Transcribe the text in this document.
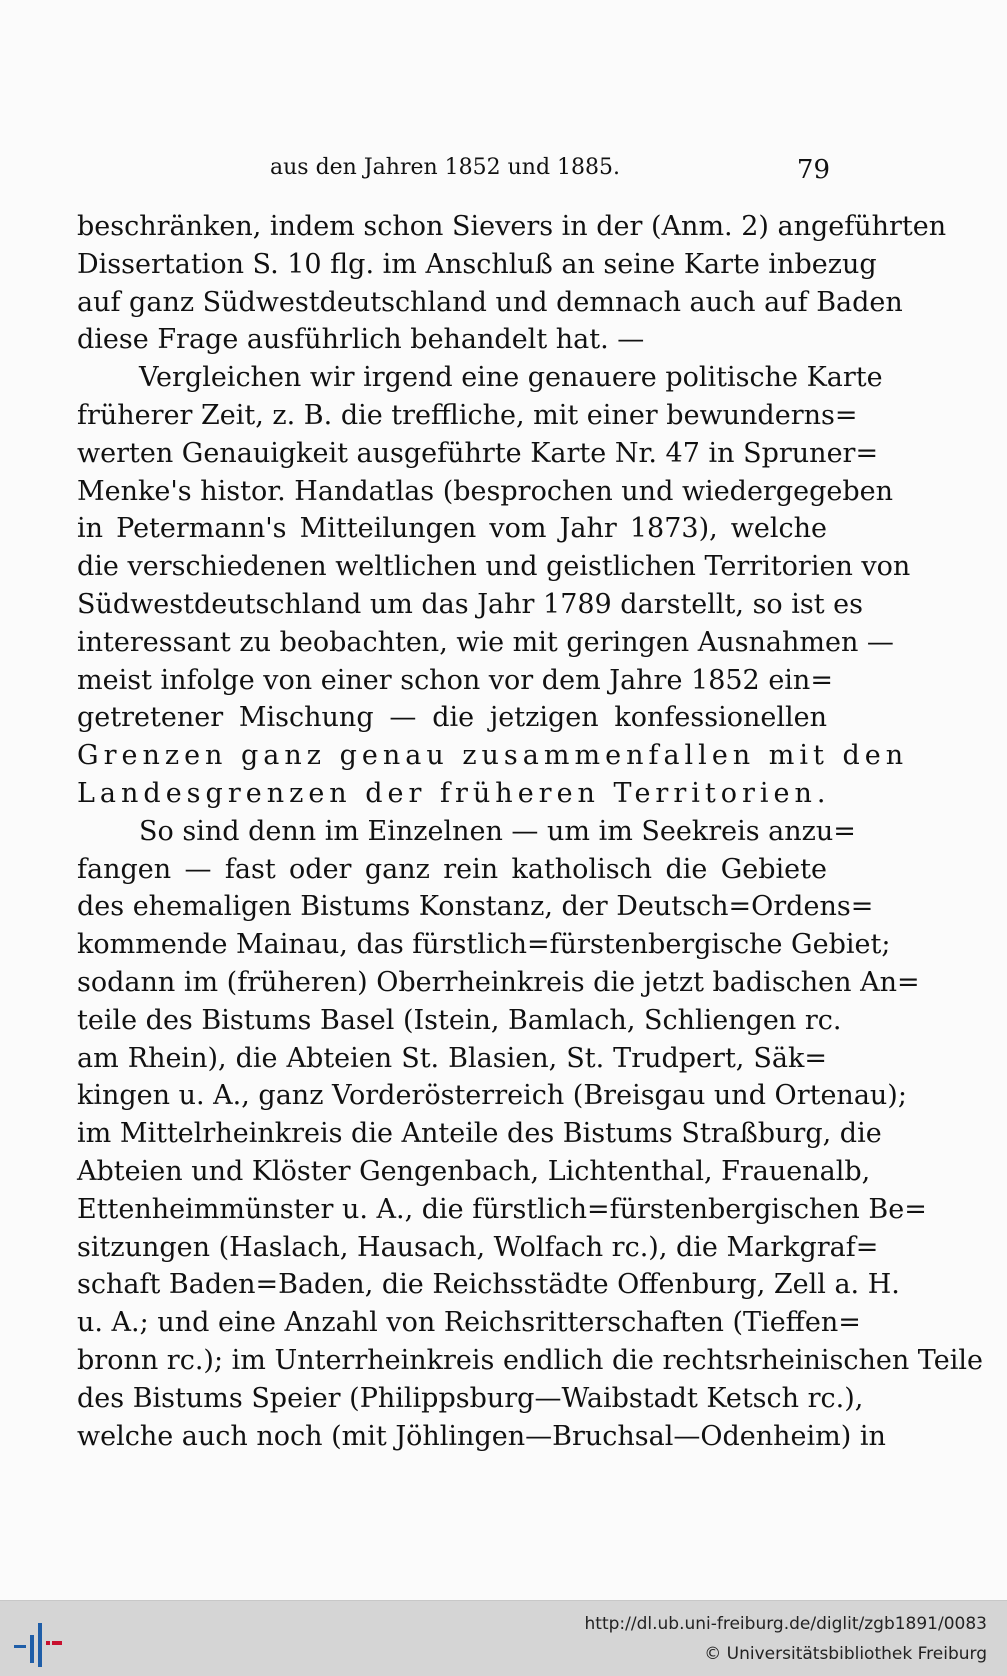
aus den Jahren 1852 und 1885.	79
beschränken, indem schon Sievers in der (Anm. 2) angeführten
Dissertation S. 10 flg. im Anschluß an seine Karte inbezug
auf ganz Südwestdeutschland und demnach auch auf Baden
diese Frage ausführlich behandelt hat. —
Vergleichen wir irgend eine genauere politische Karte
früherer Zeit, z. B. die treffliche, mit einer bewunderns=
werten Genauigkeit ausgeführte Karte Nr. 47 in Spruner=
Menke's histor. Handatlas (besprochen und wiedergegeben
in Petermann's Mitteilungen vom Jahr 1873), welche
die verschiedenen weltlichen und geistlichen Territorien von
Südwestdeutschland um das Jahr 1789 darstellt, so ist es
interessant zu beobachten, wie mit geringen Ausnahmen —
meist infolge von einer schon vor dem Jahre 1852 ein=
getretener Mischung — die jetzigen konfessionellen
Grenzen ganz genau zusammenfallen mit den
Landesgrenzen der früheren Territorien.
So sind denn im Einzelnen — um im Seekreis anzu=
fangen — fast oder ganz rein katholisch die Gebiete
des ehemaligen Bistums Konstanz, der Deutsch=Ordens=
kommende Mainau, das fürstlich=fürstenbergische Gebiet;
sodann im (früheren) Oberrheinkreis die jetzt badischen An=
teile des Bistums Basel (Istein, Bamlach, Schliengen rc.
am Rhein), die Abteien St. Blasien, St. Trudpert, Säk=
kingen u. A., ganz Vorderösterreich (Breisgau und Ortenau);
im Mittelrheinkreis die Anteile des Bistums Straßburg, die
Abteien und Klöster Gengenbach, Lichtenthal, Frauenalb,
Ettenheimmünster u. A., die fürstlich=fürstenbergischen Be=
sitzungen (Haslach, Hausach, Wolfach rc.), die Markgraf=
schaft Baden=Baden, die Reichsstädte Offenburg, Zell a. H.
u. A.; und eine Anzahl von Reichsritterschaften (Tieffen=
bronn rc.); im Unterrheinkreis endlich die rechtsrheinischen Teile
des Bistums Speier (Philippsburg—Waibstadt Ketsch rc.),
welche auch noch (mit Jöhlingen—Bruchsal—Odenheim) in
http://dl.ub.uni-freiburg.de/diglit/zgb1891/0083
© Universitätsbibliothek Freiburg
